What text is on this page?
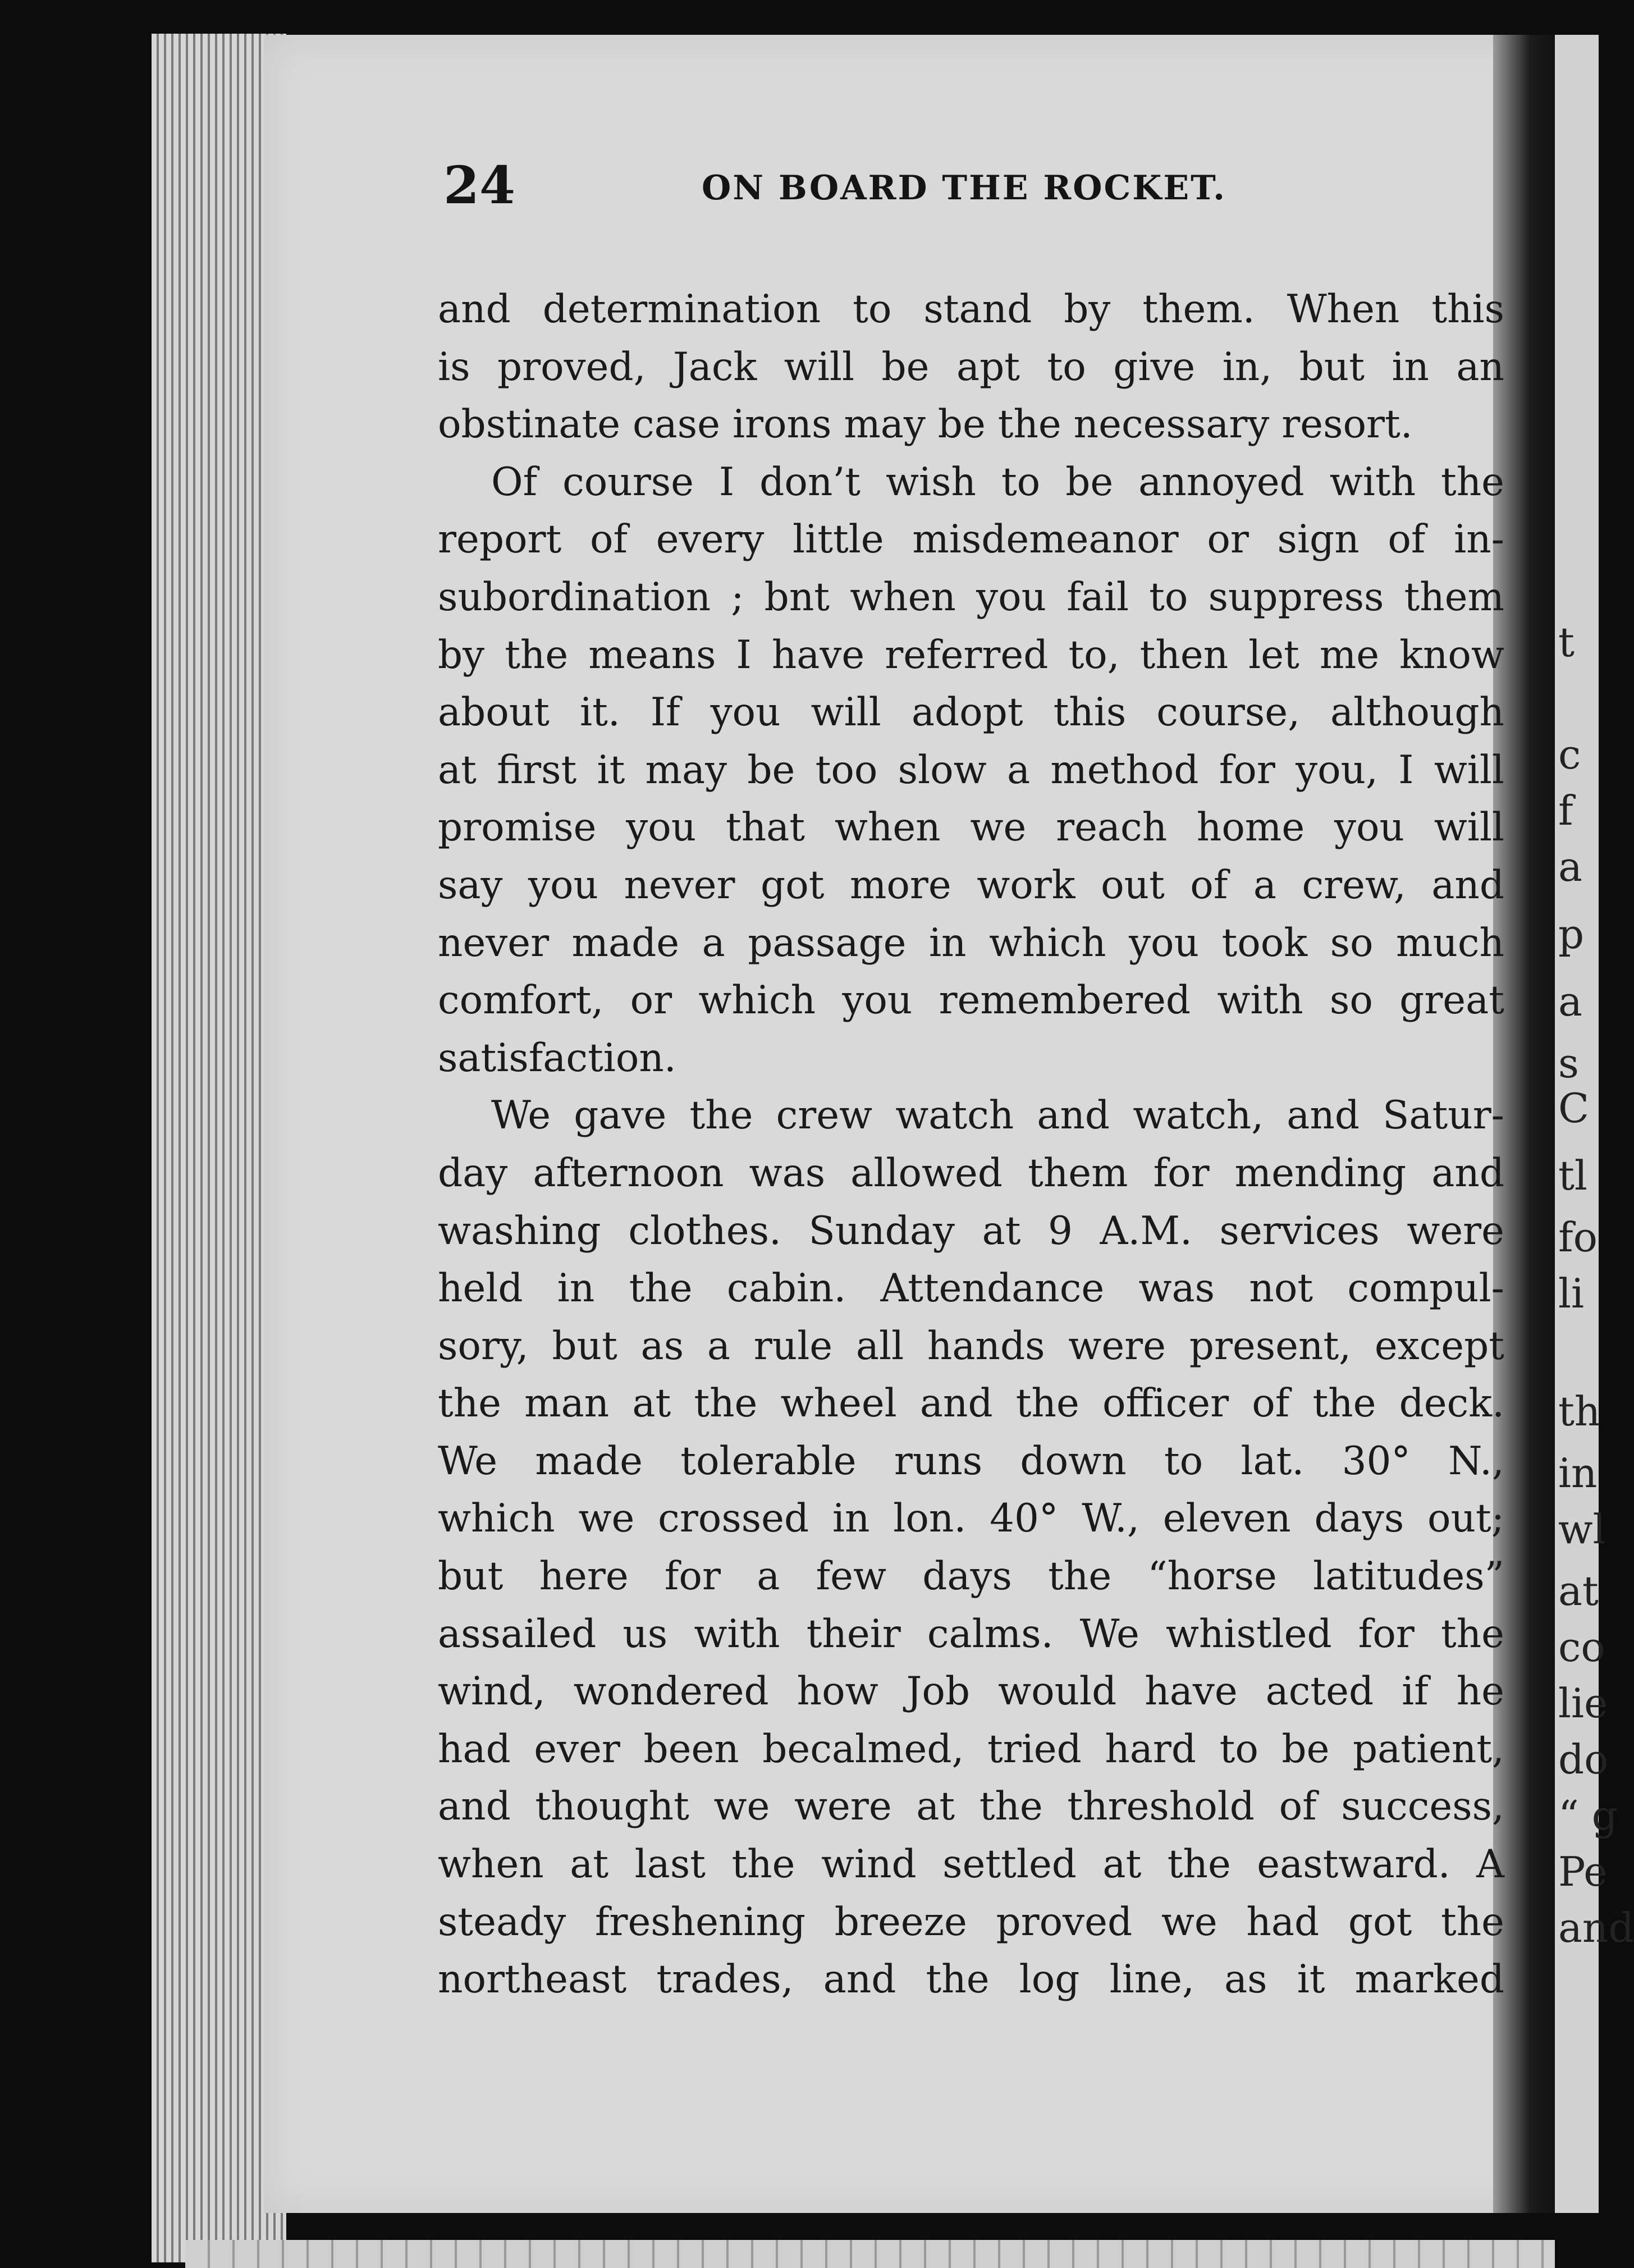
t
c
f
a
p
a
s
C
tl
fo
li
th
in
wl
at
co
lie
do
“ g
Pe
and
24	ON BOARD THE ROCKET.
and determination to stand by them. When this
is proved, Jack will be apt to give in, but in an
obstinate case irons may be the necessary resort.
Of course I don’t wish to be annoyed with the
report of every little misdemeanor or sign of in-
subordination ; bnt when you fail to suppress them
by the means I have referred to, then let me know
about it. If you will adopt this course, although
at first it may be too slow a method for you, I will
promise you that when we reach home you will
say you never got more work out of a crew, and
never made a passage in which you took so much
comfort, or which you remembered with so great
satisfaction.
We gave the crew watch and watch, and Satur-
day afternoon was allowed them for mending and
washing clothes. Sunday at 9 A.M. services were
held in the cabin. Attendance was not compul-
sory, but as a rule all hands were present, except
the man at the wheel and the officer of the deck.
We made tolerable runs down to lat. 30° N.,
which we crossed in lon. 40° W., eleven days out;
but here for a few days the “horse latitudes”
assailed us with their calms. We whistled for the
wind, wondered how Job would have acted if he
had ever been becalmed, tried hard to be patient,
and thought we were at the threshold of success,
when at last the wind settled at the eastward. A
steady freshening breeze proved we had got the
northeast trades, and the log line, as it marked
